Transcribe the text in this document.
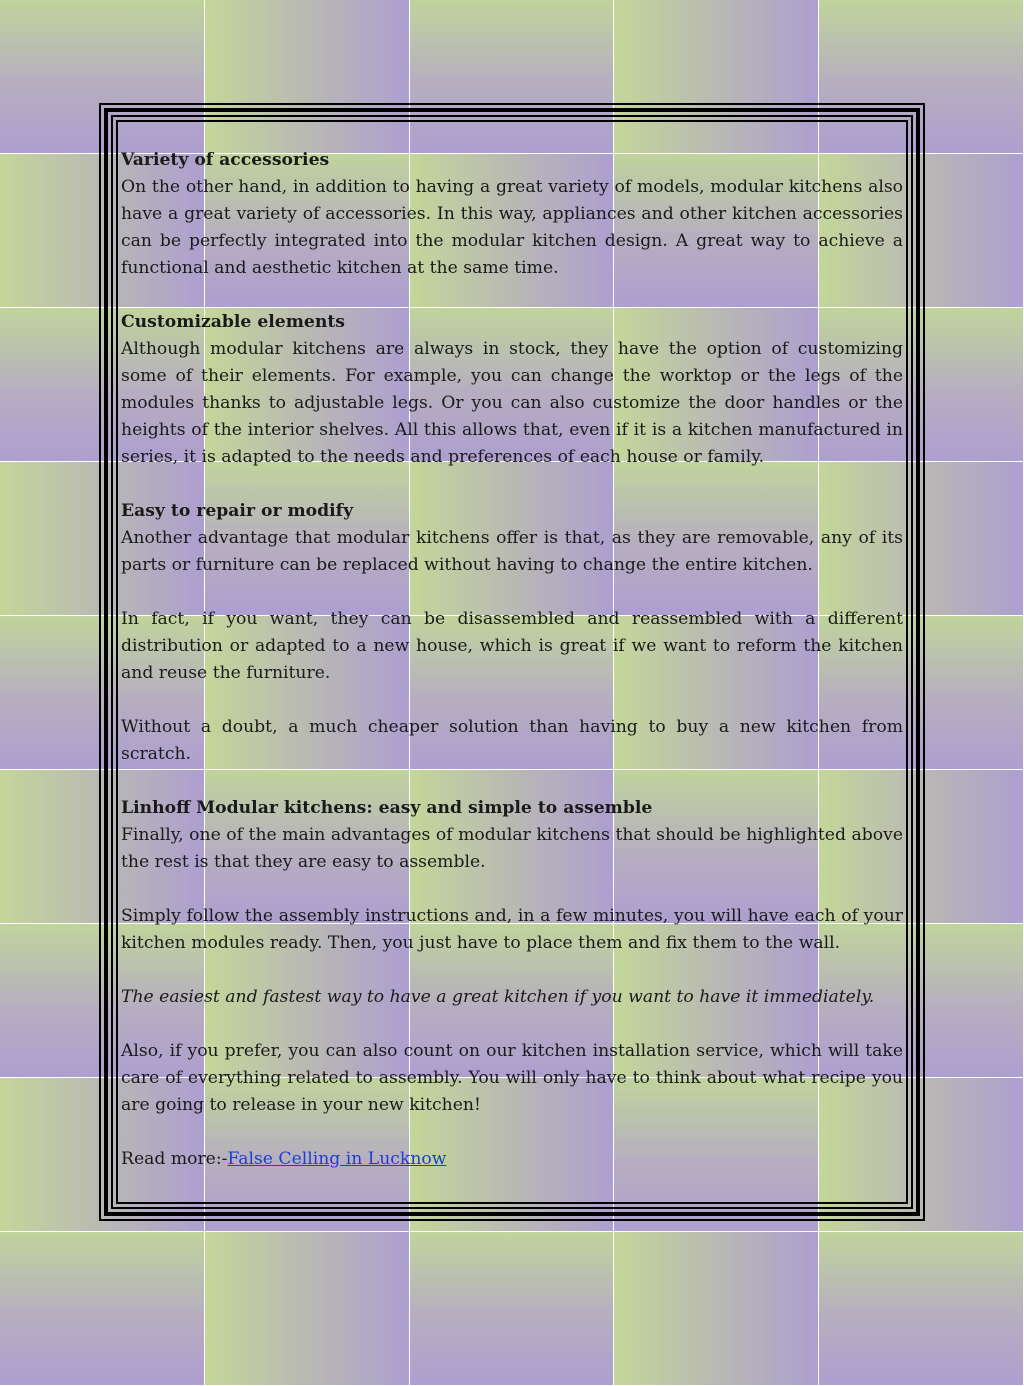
Variety of accessories

On the other hand, in addition to having a great variety of models, modular kitchens also have a great variety of accessories. In this way, appliances and other kitchen accessories can be perfectly integrated into the modular kitchen design. A great way to achieve a functional and aesthetic kitchen at the same time.

Customizable elements

Although modular kitchens are always in stock, they have the option of customizing some of their elements. For example, you can change the worktop or the legs of the modules thanks to adjustable legs. Or you can also customize the door handles or the heights of the interior shelves. All this allows that, even if it is a kitchen manufactured in series, it is adapted to the needs and preferences of each house or family.

Easy to repair or modify

Another advantage that modular kitchens offer is that, as they are removable, any of its parts or furniture can be replaced without having to change the entire kitchen.

In fact, if you want, they can be disassembled and reassembled with a different distribution or adapted to a new house, which is great if we want to reform the kitchen and reuse the furniture.

Without a doubt, a much cheaper solution than having to buy a new kitchen from scratch.

Linhoff Modular kitchens: easy and simple to assemble

Finally, one of the main advantages of modular kitchens that should be highlighted above the rest is that they are easy to assemble.

Simply follow the assembly instructions and, in a few minutes, you will have each of your kitchen modules ready. Then, you just have to place them and fix them to the wall.

The easiest and fastest way to have a great kitchen if you want to have it immediately.

Also, if you prefer, you can also count on our kitchen installation service, which will take care of everything related to assembly. You will only have to think about what recipe you are going to release in your new kitchen!

Read more:-False Celling in Lucknow
